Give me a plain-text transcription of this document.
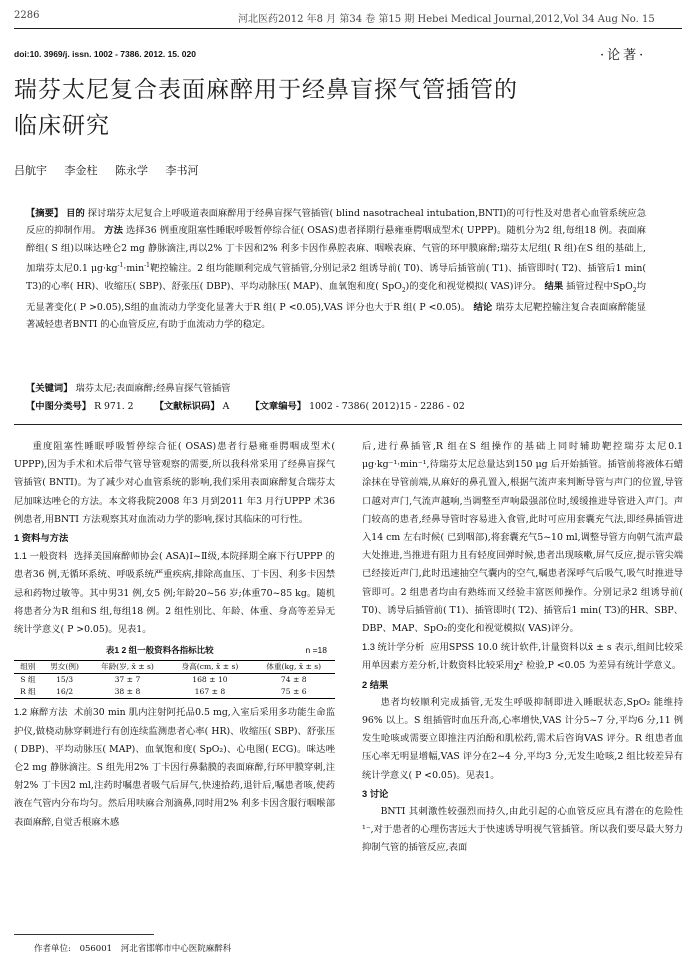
2286	河北医药2012 年8 月 第34 卷 第15 期 Hebei Medical Journal,2012,Vol 34 Aug No. 15
doi:10. 3969/j. issn. 1002 - 7386. 2012. 15. 020	·论著·
瑞芬太尼复合表面麻醉用于经鼻盲探气管插管的
临床研究
吕航宇 李金柱 陈永学 李书河
【摘要】 目的 探讨瑞芬太尼复合上呼吸道表面麻醉用于经鼻盲探气管插管( blind nasotracheal intubation,BNTI)的可行性及对患者心血管系统应急反应的抑制作用。 方法 选择36 例重度阻塞性睡眠呼吸暂停综合征( OSAS)患者择期行悬雍垂腭咽成型术( UPPP)。随机分为2 组,每组18 例。表面麻醉组( S 组)以咪达唑仑2 mg 静脉滴注,再以2% 丁卡因和2% 利多卡因作鼻腔表麻、咽喉表麻、气管的环甲膜麻醉;瑞芬太尼组( R 组)在S 组的基础上,加瑞芬太尼0.1 $\mu g\cdot kg^{-1}\cdot\min^{-1}$靶控输注。2 组均能顺利完成气管插管,分别记录2 组诱导前( T0)、诱导后插管前( T1)、插管即时( T2)、插管后1 min( T3)的心率( HR)、收缩压( SBP)、舒张压( DBP)、平均动脉压( MAP)、血氧饱和度( SpO$_2$)的变化和视觉模拟( VAS)评分。 结果 插管过程中SpO$_2$均无显著变化( P >0.05),S组的血流动力学变化显著大于R 组( P <0.05),VAS 评分也大于R 组( P <0.05)。 结论 瑞芬太尼靶控输注复合表面麻醉能显著减轻患者BNTI 的心血管反应,有助于血流动力学的稳定。
【关键词】 瑞芬太尼;表面麻醉;经鼻盲探气管插管
【中图分类号】 R 971. 2 【文献标识码】 A 【文章编号】 1002 - 7386( 2012)15 - 2286 - 02

重度阻塞性睡眠呼吸暂停综合征( OSAS)患者行悬雍垂腭咽成型术( UPPP),因为手术和术后带气管导管观察的需要,所以我科常采用了经鼻盲探气管插管( BNTI)。为了减少对心血管系统的影响,我们采用表面麻醉复合瑞芬太尼加咪达唑仑的方法。本文将我院2008 年3 月到2011 年3 月行UPPP 术36 例患者,用BNTI 方法观察其对血流动力学的影响,探讨其临床的可行性。

1 资料与方法

1.1 一般资料 选择美国麻醉师协会( ASA)Ⅰ~Ⅱ级,本院择期全麻下行UPPP 的患者36 例,无循环系统、呼吸系统严重疾病,排除高血压、丁卡因、利多卡因禁忌和药物过敏等。其中男31 例,女5 例;年龄20~56 岁;体重70~85 kg。随机将患者分为R 组和S 组,每组18 例。2 组性别比、年龄、体重、身高等差异无统计学意义( P >0.05)。见表1。

表1 2 组一般资料各指标比较	n =18
组别	男女(例)	年龄(岁, x̄ ± s)	身高(cm, x̄ ± s)	体重(kg, x̄ ± s)
S 组	15/3	37 ± 7	168 ± 10	74 ± 8
R 组	16/2	38 ± 8	167 ± 8	75 ± 6

1.2 麻醉方法 术前30 min 肌内注射阿托品0.5 mg,入室后采用多功能生命监护仪,做桡动脉穿刺进行有创连续监测患者心率( HR)、收缩压( SBP)、舒张压( DBP)、平均动脉压( MAP)、血氧饱和度( SpO₂)、心电图( ECG)。咪达唑仑2 mg 静脉滴注。S 组先用2% 丁卡因行鼻黏膜的表面麻醉,行环甲膜穿刺,注射2% 丁卡因2 ml,注药时嘱患者吸气后屏气,快速拾药,退针后,嘱患者咳,使药液在气管内分布均匀。然后用呋麻合剂滴鼻,同时用2% 利多卡因含服行咽喉部表面麻醉,自觉舌根麻木感

作者单位: 056001 河北省邯郸市中心医院麻醉科

后,进行鼻插管,R 组在S 组操作的基础上同时辅助靶控瑞芬太尼0.1 μg·kg⁻¹·min⁻¹,待瑞芬太尼总量达到150 μg 后开始插管。插管前将液体石蜡涂抹在导管前端,从麻好的鼻孔置入,根据气流声来判断导管与声门的位置,导管口越对声门,气流声越响,当调整至声响最强部位时,缓缓推进导管进入声门。声门较高的患者,经鼻导管时容易进入食管,此时可应用套囊充气法,即经鼻插管进入14 cm 左右时候( 已到咽部),将套囊充气5~10 ml,调整导管方向朝气流声最大处推进,当推进有阻力且有轻度回弹时候,患者出现咳嗽,屏气反应,提示管尖端已经接近声门,此时迅速抽空气囊内的空气,嘱患者深呼气后吸气,吸气时推进导管即可。2 组患者均由有熟练而又经验丰富医师操作。分别记录2 组诱导前( T0)、诱导后插管前( T1)、插管即时( T2)、插管后1 min( T3)的HR、SBP、DBP、MAP、SpO₂的变化和视觉模拟( VAS)评分。

1.3 统计学分析 应用SPSS 10.0 统计软件,计量资料以x̄ ± s 表示,组间比较采用单因素方差分析,计数资料比较采用χ² 检验,P <0.05 为差异有统计学意义。

2 结果

患者均较顺利完成插管,无发生呼吸抑制即进入睡眠状态,SpO₂ 能维持96% 以上。S 组插管时血压升高,心率增快,VAS 计分5~7 分,平均6 分,11 例发生呛咳或需要立即推注丙泊酚和肌松药,需术后咨询VAS 评分。R 组患者血压心率无明显增幅,VAS 评分在2~4 分,平均3 分,无发生呛咳,2 组比较差异有统计学意义( P <0.05)。见表1。

3 讨论

BNTI 其刺激性较强烈而持久,由此引起的心血管反应具有潜在的危险性¹⁻,对于患者的心理伤害远大于快速诱导明视气管插管。所以我们要尽最大努力抑制气管的插管反应,表面
